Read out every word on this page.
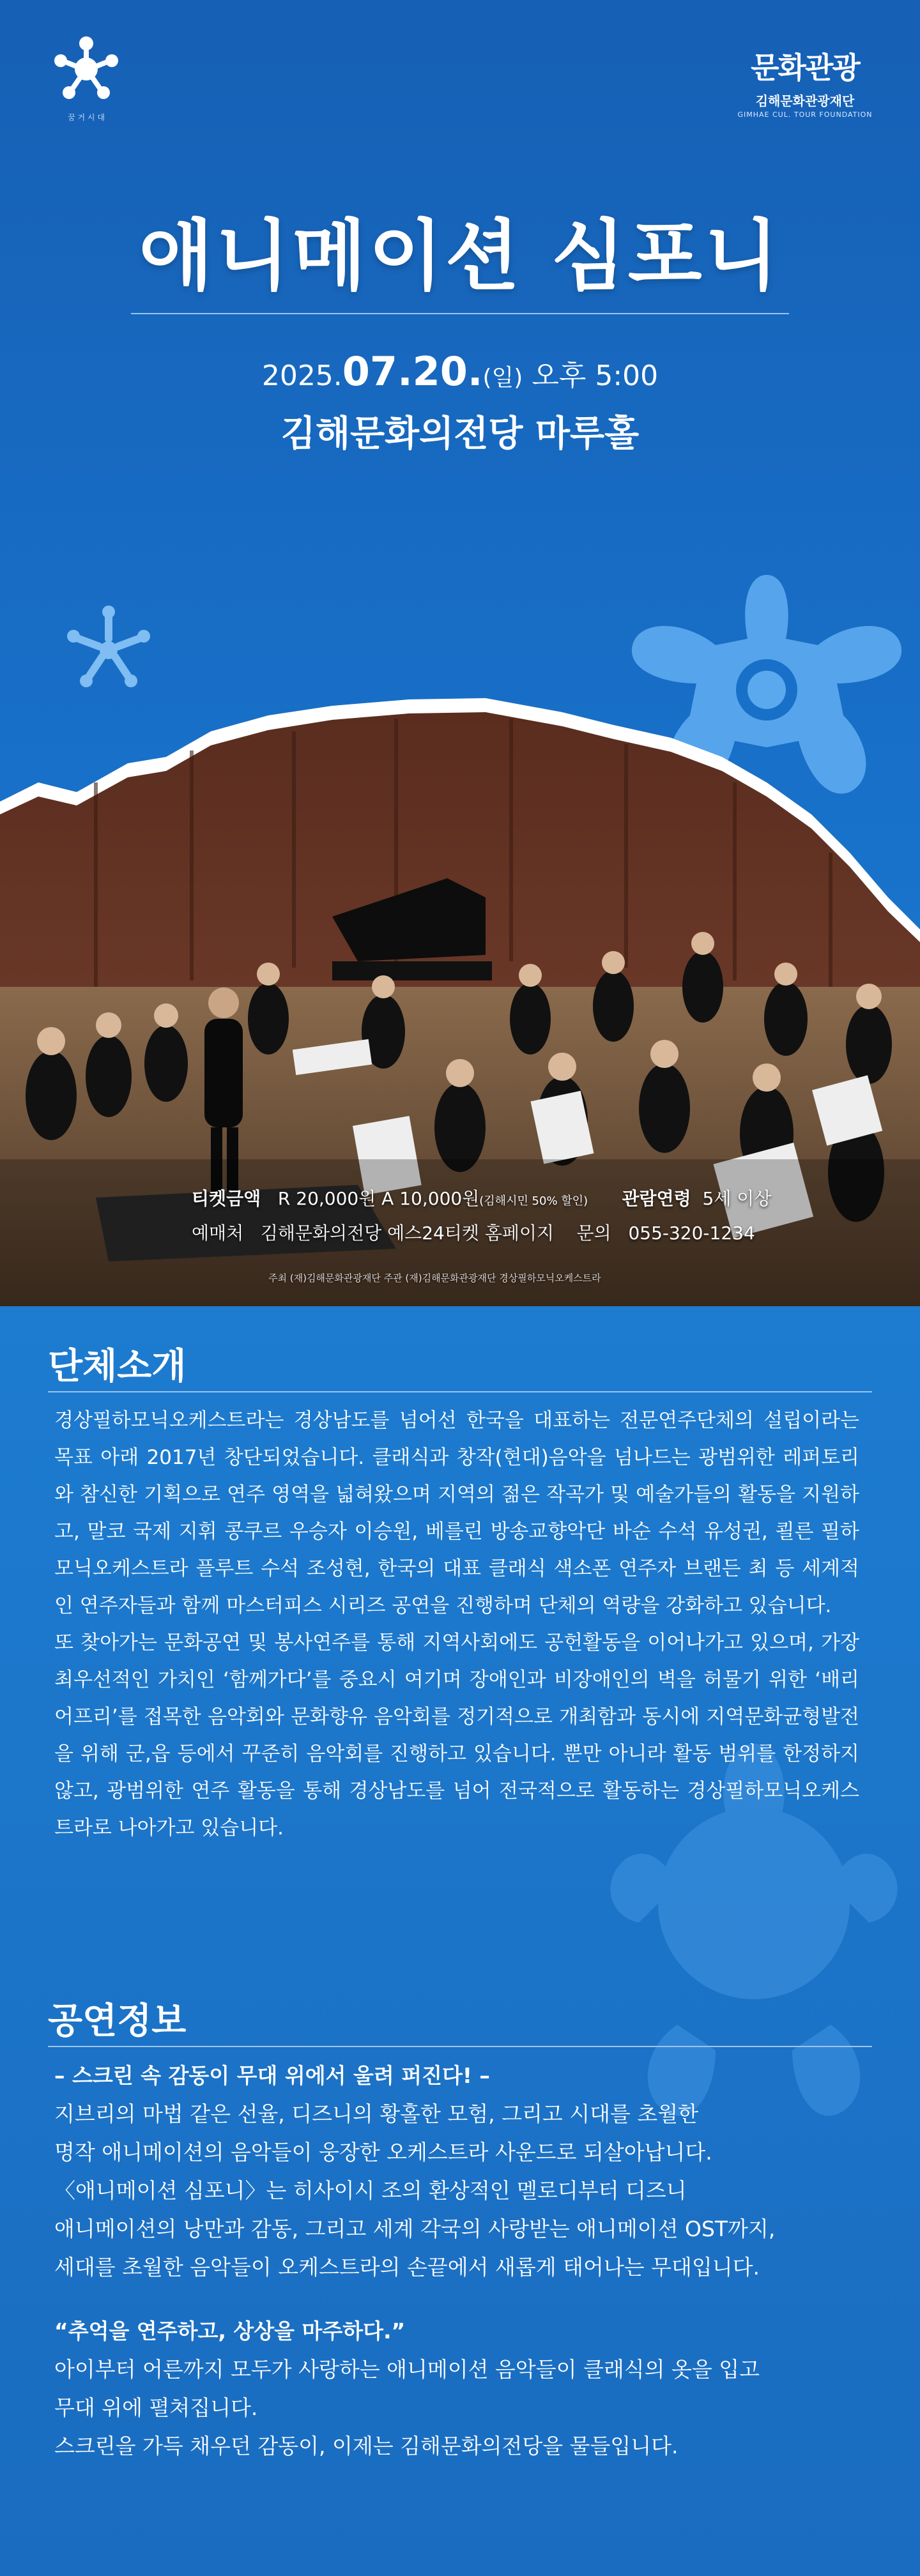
꿈 거 시 대
문화관광
김해문화관광재단
GIMHAE CUL. TOUR FOUNDATION
애니메이션 심포니
2025.07.20.(일) 오후 5:00
김해문화의전당 마루홀
티켓금액 R 20,000원 A 10,000원(김해시민 50% 할인) 관람연령 5세 이상
예매처 김해문화의전당 예스24티켓 홈페이지 문의 055-320-1234
주최 (재)김해문화관광재단 주관 (재)김해문화관광재단 경상필하모닉오케스트라
단체소개

경상필하모닉오케스트라는 경상남도를 넘어선 한국을 대표하는 전문연주단체의 설립이라는 목표 아래 2017년 창단되었습니다. 클래식과 창작(현대)음악을 넘나드는 광범위한 레퍼토리와 참신한 기획으로 연주 영역을 넓혀왔으며 지역의 젊은 작곡가 및 예술가들의 활동을 지원하고, 말코 국제 지휘 콩쿠르 우승자 이승원, 베를린 방송교향악단 바순 수석 유성권, 쾰른 필하모닉오케스트라 플루트 수석 조성현, 한국의 대표 클래식 색소폰 연주자 브랜든 최 등 세계적인 연주자들과 함께 마스터피스 시리즈 공연을 진행하며 단체의 역량을 강화하고 있습니다.

또 찾아가는 문화공연 및 봉사연주를 통해 지역사회에도 공헌활동을 이어나가고 있으며, 가장 최우선적인 가치인 ‘함께가다’를 중요시 여기며 장애인과 비장애인의 벽을 허물기 위한 ‘배리어프리’를 접목한 음악회와 문화향유 음악회를 정기적으로 개최함과 동시에 지역문화균형발전을 위해 군,읍 등에서 꾸준히 음악회를 진행하고 있습니다. 뿐만 아니라 활동 범위를 한정하지 않고, 광범위한 연주 활동을 통해 경상남도를 넘어 전국적으로 활동하는 경상필하모닉오케스트라로 나아가고 있습니다.

공연정보

– 스크린 속 감동이 무대 위에서 울려 퍼진다! –

지브리의 마법 같은 선율, 디즈니의 황홀한 모험, 그리고 시대를 초월한

명작 애니메이션의 음악들이 웅장한 오케스트라 사운드로 되살아납니다.

〈애니메이션 심포니〉는 히사이시 조의 환상적인 멜로디부터 디즈니

애니메이션의 낭만과 감동, 그리고 세계 각국의 사랑받는 애니메이션 OST까지,

세대를 초월한 음악들이 오케스트라의 손끝에서 새롭게 태어나는 무대입니다.

“추억을 연주하고, 상상을 마주하다.”

아이부터 어른까지 모두가 사랑하는 애니메이션 음악들이 클래식의 옷을 입고

무대 위에 펼쳐집니다.

스크린을 가득 채우던 감동이, 이제는 김해문화의전당을 물들입니다.
